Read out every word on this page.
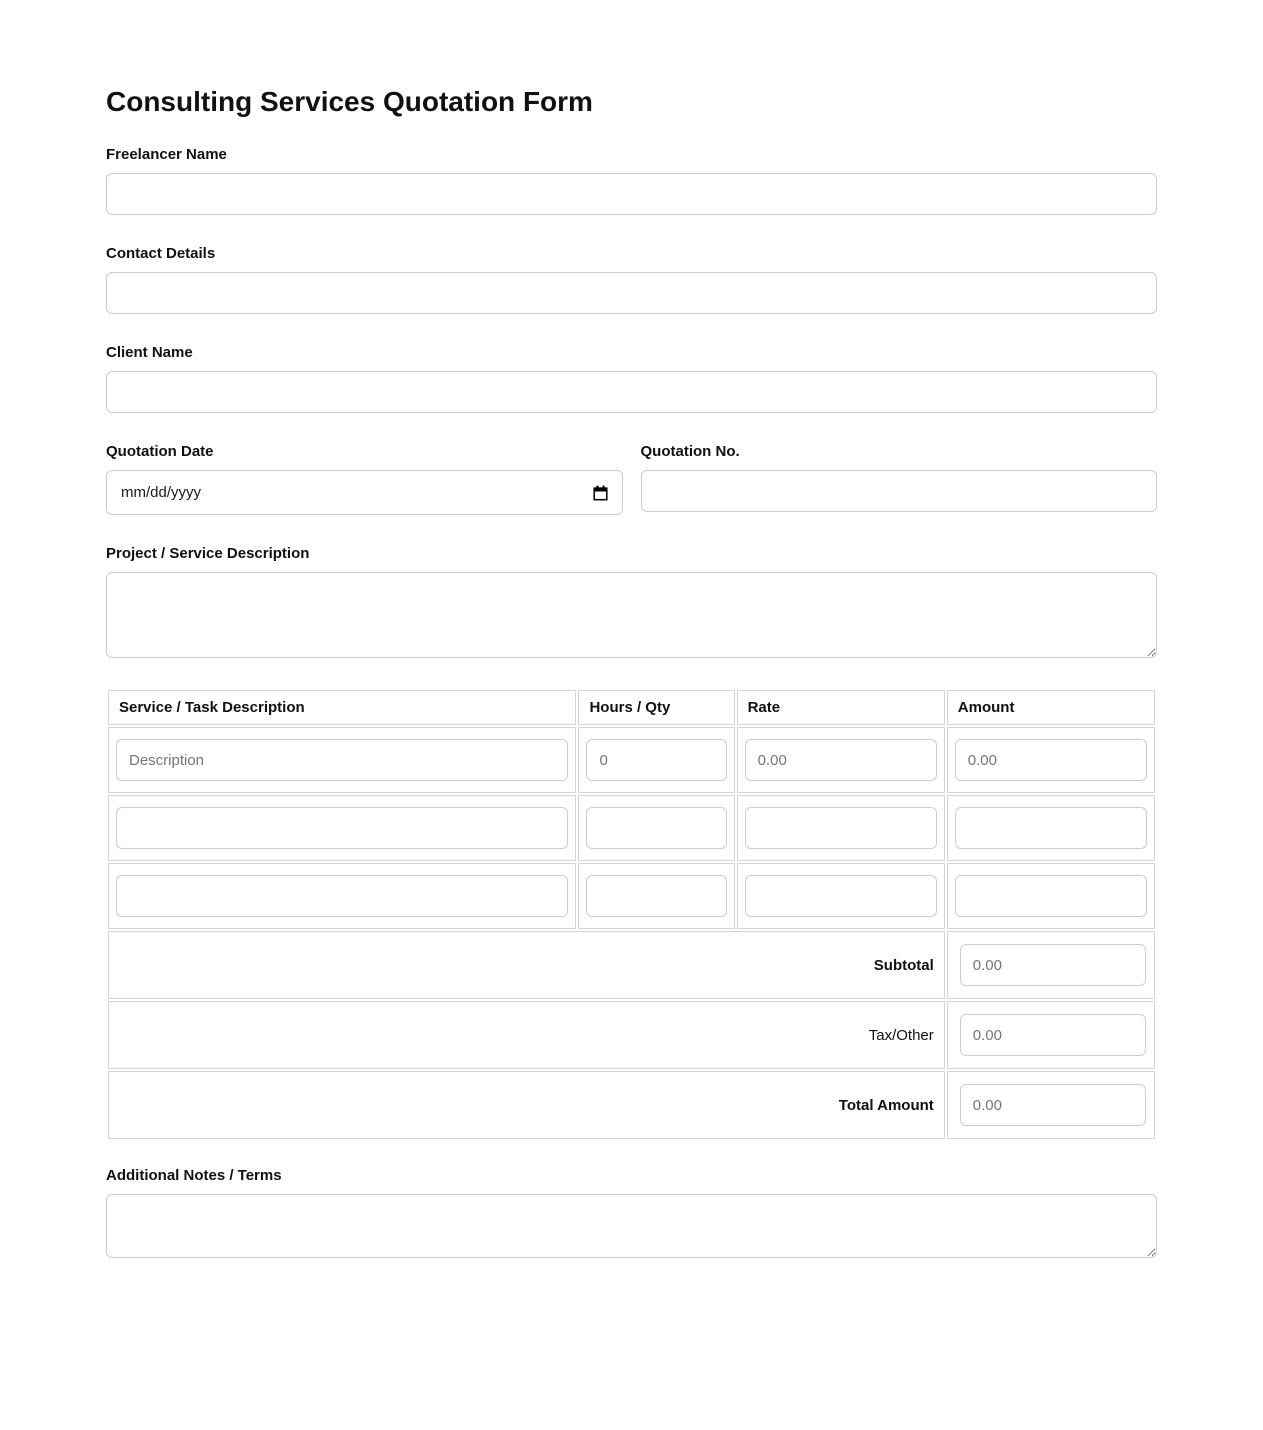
Consulting Services Quotation Form
Freelancer Name
Contact Details
Client Name
Quotation Date
mm/dd/yyyy
Quotation No.
Project / Service Description
Service / Task Description	Hours / Qty	Rate	Amount
Description	0	0.00	0.00

Subtotal	0.00
Tax/Other	0.00
Total Amount	0.00
Additional Notes / Terms
